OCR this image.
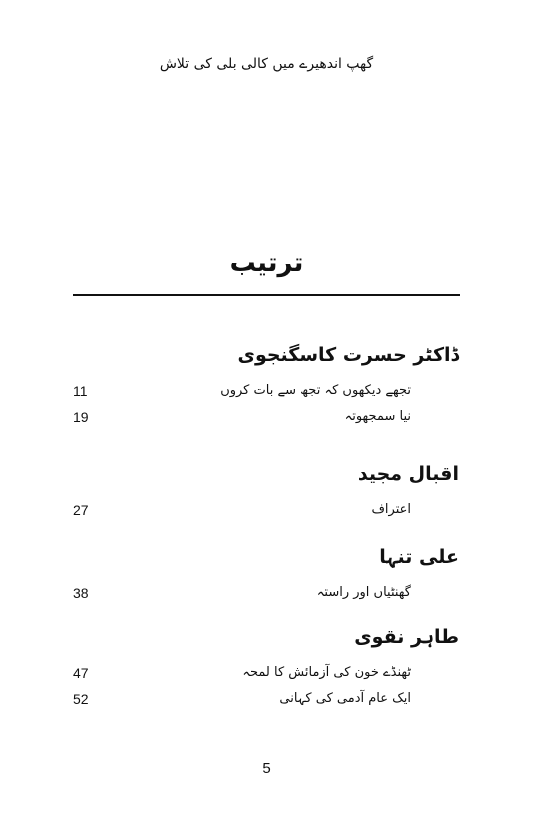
گھپ اندھیرے میں کالی بلی کی تلاش
ترتیب
ڈاکٹر حسرت کاسگنجوی
تجھے دیکھوں کہ تجھ سے بات کروں
11
نیا سمجھوتہ
19
اقبال مجید
اعتراف
27
علی تنہا
گھنٹیاں اور راستہ
38
طاہر نقوی
ٹھنڈے خون کی آزمائش کا لمحہ
47
ایک عام آدمی کی کہانی
52
5
